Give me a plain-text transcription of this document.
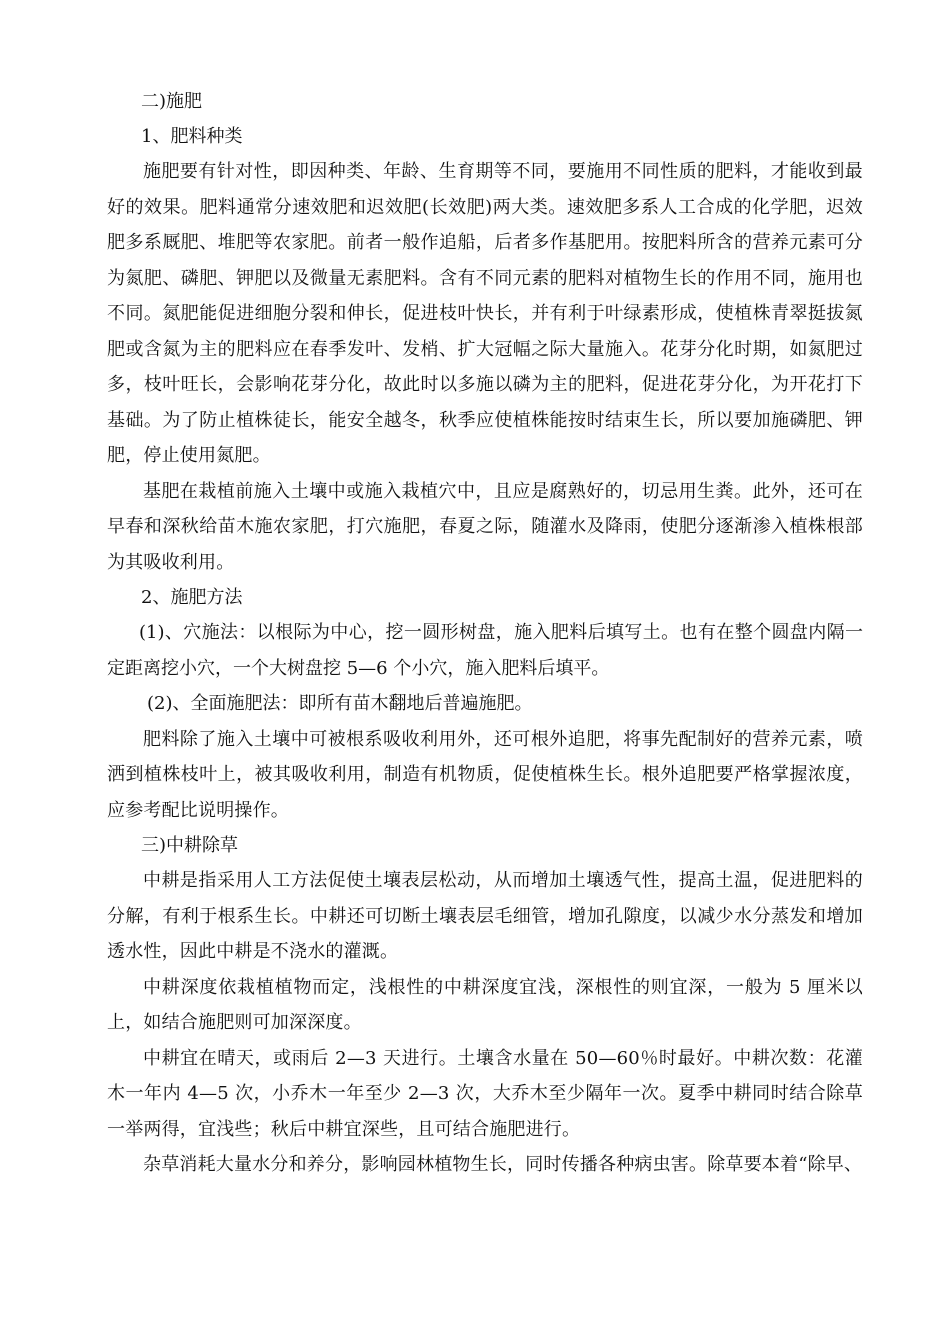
二)施肥

1、肥料种类

施肥要有针对性，即因种类、年龄、生育期等不同，要施用不同性质的肥料，才能收到最好的效果。肥料通常分速效肥和迟效肥(长效肥)两大类。速效肥多系人工合成的化学肥，迟效肥多系厩肥、堆肥等农家肥。前者一般作追船，后者多作基肥用。按肥料所含的营养元素可分为氮肥、磷肥、钾肥以及微量无素肥料。含有不同元素的肥料对植物生长的作用不同，施用也不同。氮肥能促进细胞分裂和伸长，促进枝叶快长，并有利于叶绿素形成，使植株青翠挺拔氮肥或含氮为主的肥料应在春季发叶、发梢、扩大冠幅之际大量施入。花芽分化时期，如氮肥过多，枝叶旺长，会影响花芽分化，故此时以多施以磷为主的肥料，促进花芽分化，为开花打下基础。为了防止植株徒长，能安全越冬，秋季应使植株能按时结束生长，所以要加施磷肥、钾肥，停止使用氮肥。

基肥在栽植前施入土壤中或施入栽植穴中，且应是腐熟好的，切忌用生粪。此外，还可在早春和深秋给苗木施农家肥，打穴施肥，春夏之际，随灌水及降雨，使肥分逐渐渗入植株根部为其吸收利用。

2、施肥方法

(1)、穴施法：以根际为中心，挖一圆形树盘，施入肥料后填写土。也有在整个圆盘内隔一定距离挖小穴，一个大树盘挖 5—6 个小穴，施入肥料后填平。

(2)、全面施肥法：即所有苗木翻地后普遍施肥。

肥料除了施入土壤中可被根系吸收利用外，还可根外追肥，将事先配制好的营养元素，喷洒到植株枝叶上，被其吸收利用，制造有机物质，促使植株生长。根外追肥要严格掌握浓度，应参考配比说明操作。

三)中耕除草

中耕是指采用人工方法促使土壤表层松动，从而增加土壤透气性，提高土温，促进肥料的分解，有利于根系生长。中耕还可切断土壤表层毛细管，增加孔隙度，以减少水分蒸发和增加透水性，因此中耕是不浇水的灌溉。

中耕深度依栽植植物而定，浅根性的中耕深度宜浅，深根性的则宜深，一般为 5 厘米以上，如结合施肥则可加深深度。

中耕宜在晴天，或雨后 2—3 天进行。土壤含水量在 50—60％时最好。中耕次数：花灌木一年内 4—5 次，小乔木一年至少 2—3 次，大乔木至少隔年一次。夏季中耕同时结合除草一举两得，宜浅些；秋后中耕宜深些，且可结合施肥进行。

杂草消耗大量水分和养分，影响园林植物生长，同时传播各种病虫害。除草要本着“除早、
